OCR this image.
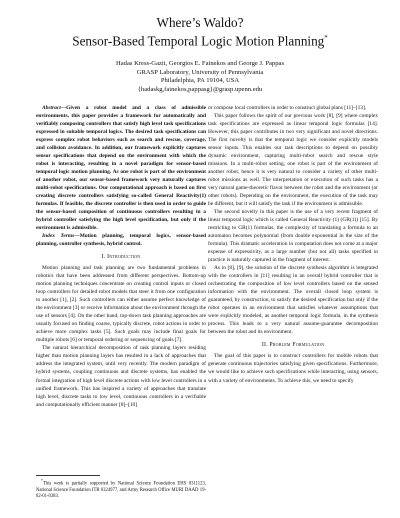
Where’s Waldo?
Sensor-Based Temporal Logic Motion Planning*
Hadas Kress-Gazit, Georgios E. Fainekos and George J. Pappas
GRASP Laboratory, University of Pennsylvania
Philadelphia, PA 19104, USA
{hadaskg,fainekos,pappasg}@grasp.upenn.edu

Abstract—Given a robot model and a class of admissible environments, this paper provides a framework for automatically and verifiably composing controllers that satisfy high level task specifications expressed in suitable temporal logics. The desired task specifications can express complex robot behaviors such as search and rescue, coverage, and collision avoidance. In addition, our framework explicitly captures sensor specifications that depend on the environment with which the robot is interacting, resulting in a novel paradigm for sensor-based temporal logic motion planning. As one robot is part of the environment of another robot, our sensor-based framework very naturally captures multi-robot specifications. Our computational approach is based on first creating discrete controllers satisfying so-called General Reactivity(1) formulas. If feasible, the discrete controller is then used in order to guide the sensor-based composition of continuous controllers resulting in a hybrid controller satisfying the high level specification, but only if the environment is admissible.

Index Terms—Motion planning, temporal logics, sensor-based planning, controller synthesis, hybrid control.

I. Introduction

Motion planning and task planning are two fundamental problems in robotics that have been addressed from different perspectives. Bottom-up motion planning techniques concentrate on creating control inputs or closed loop controllers for detailed robot models that steer it from one configuration to another [1], [2]. Such controllers can either assume perfect knowledge of the environment [3] or receive information about the environment through the use of sensors [4]. On the other hand, top-down task planning approaches are usually focused on finding coarse, typically discrete, robot actions in order to achieve more complex tasks [5]. Such goals may include final goals for multiple robots [6] or temporal ordering or sequencing of goals [7].

The natural hierarchical decomposition of task planning layers residing higher than motion planning layers has resulted in a lack of approaches that address the integrated system, until very recently. The modern paradigm of hybrid systems, coupling continuous and discrete systems, has enabled the formal integration of high level discrete actions with low level controllers in a unified framework. This has inspired a variety of approaches that translate high level, discrete tasks to low level, continuous controllers in a verifiable and computationally efficient manner [8]–[10]

*This work is partially supported by National Science Foundation EHS 0311123, National Science Foundation ITR 0324977, and Army Research Office MURI DAAD 19-02-01-0383.

or compose local controllers in order to construct global plans [11]–[13].

This paper follows the spirit of our previous work [8], [9] where complex task specifications are expressed as linear temporal logic formulas [14]. However, this paper contributes in two very significant and novel directions. The first novelty is that the temporal logic we consider explicitly models sensor inputs. This enables our task descriptions to depend on possibly dynamic environment, capturing multi-robot search and rescue style missions. In a multi-robot setting, one robot is part of the environment of another robot, hence it is very natural to consider a variety of other multi-robot missions as well. The interpretation or execution of such tasks has a very natural game-theoretic flavor between the robot and the environment (or other robots). Depending on the environment, the execution of the task may be different, but it will satisfy the task if the environment is admissible.

The second novelty in this paper is the use of a very recent fragment of linear temporal logic which is called General Reactivity (1) (GR(1)) [15]. By restricting to GR(1) formulas, the complexity of translating a formula to an automaton becomes polynomial (from double exponential in the size of the formula). This dramatic acceleration in computation does not come at a major expense of expressivity, as a large number (but not all) tasks specified in practice is naturally captured in the fragment of interest.

As in [8], [9], the solution of the discrete synthesis algorithm is integrated with the controllers in [11] resulting in an overall hybrid controller that is orchestrating the composition of low level controllers based on the sensed information with the environment. The overall closed loop system is guaranteed, by construction, to satisfy the desired specification but only if the robot operates in an environment that satisfies whatever assumptions that were explicitly modeled, as another temporal logic formula, in the synthesis process. This leads to a very natural assume-guarantee decomposition between the robot and its environment.

II. Problem Formulation

The goal of this paper is to construct controllers for mobile robots that generate continuous trajectories satisfying given specifications. Furthermore, we would like to achieve such specifications while interacting, using sensors, with a variety of environments. To achieve this, we need to specify
